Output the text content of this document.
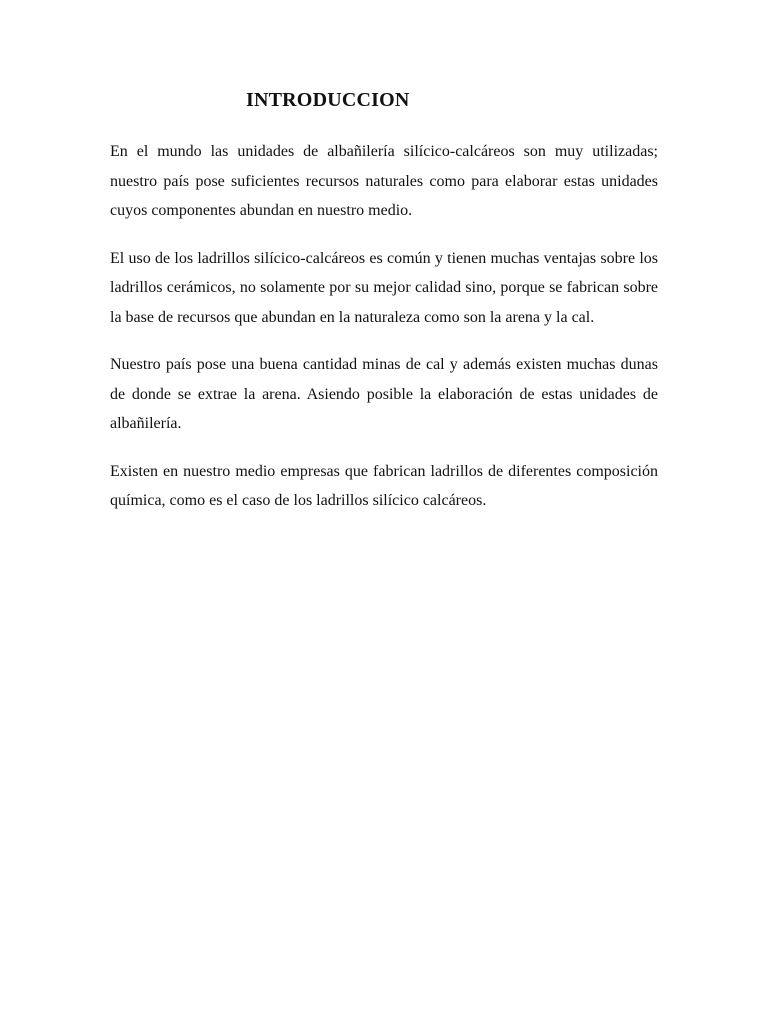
INTRODUCCION

En el mundo las unidades de albañilería silícico-calcáreos son muy utilizadas; nuestro país pose suficientes recursos naturales como para elaborar estas unidades cuyos componentes abundan en nuestro medio.

El uso de los ladrillos silícico-calcáreos es común y tienen muchas ventajas sobre los ladrillos cerámicos, no solamente por su mejor calidad sino, porque se fabrican sobre la base de recursos que abundan en la naturaleza como son la arena y la cal.

Nuestro país pose una buena cantidad minas de cal y además existen muchas dunas de donde se extrae la arena. Asiendo posible la elaboración de estas unidades de albañilería.

Existen en nuestro medio empresas que fabrican ladrillos de diferentes composición química, como es el caso de los ladrillos silícico calcáreos.
